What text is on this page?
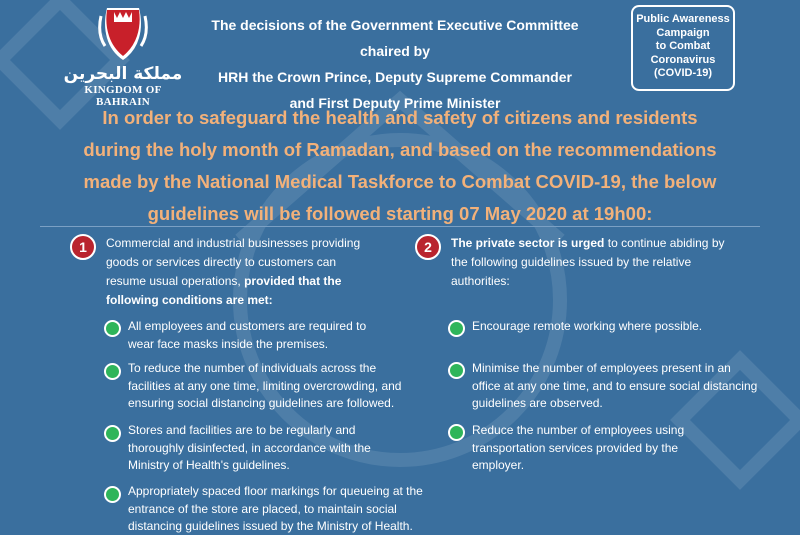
مملكة البحرين
KINGDOM OF BAHRAIN
The decisions of the Government Executive Committee chaired by
HRH the Crown Prince, Deputy Supreme Commander
and First Deputy Prime Minister
Public Awareness
Campaign
to Combat
Coronavirus
(COVID-19)
In order to safeguard the health and safety of citizens and residents
during the holy month of Ramadan, and based on the recommendations
made by the National Medical Taskforce to Combat COVID-19, the below
guidelines will be followed starting 07 May 2020 at 19h00:
1	Commercial and industrial businesses providing goods or services directly to customers can resume usual operations, provided that the following conditions are met:
All employees and customers are required to wear face masks inside the premises.
To reduce the number of individuals across the facilities at any one time, limiting overcrowding, and ensuring social distancing guidelines are followed.
Stores and facilities are to be regularly and thoroughly disinfected, in accordance with the Ministry of Health's guidelines.
Appropriately spaced floor markings for queueing at the entrance of the store are placed, to maintain social distancing guidelines issued by the Ministry of Health.
2	The private sector is urged to continue abiding by the following guidelines issued by the relative authorities:
Encourage remote working where possible.
Minimise the number of employees present in an office at any one time, and to ensure social distancing guidelines are observed.
Reduce the number of employees using transportation services provided by the employer.
